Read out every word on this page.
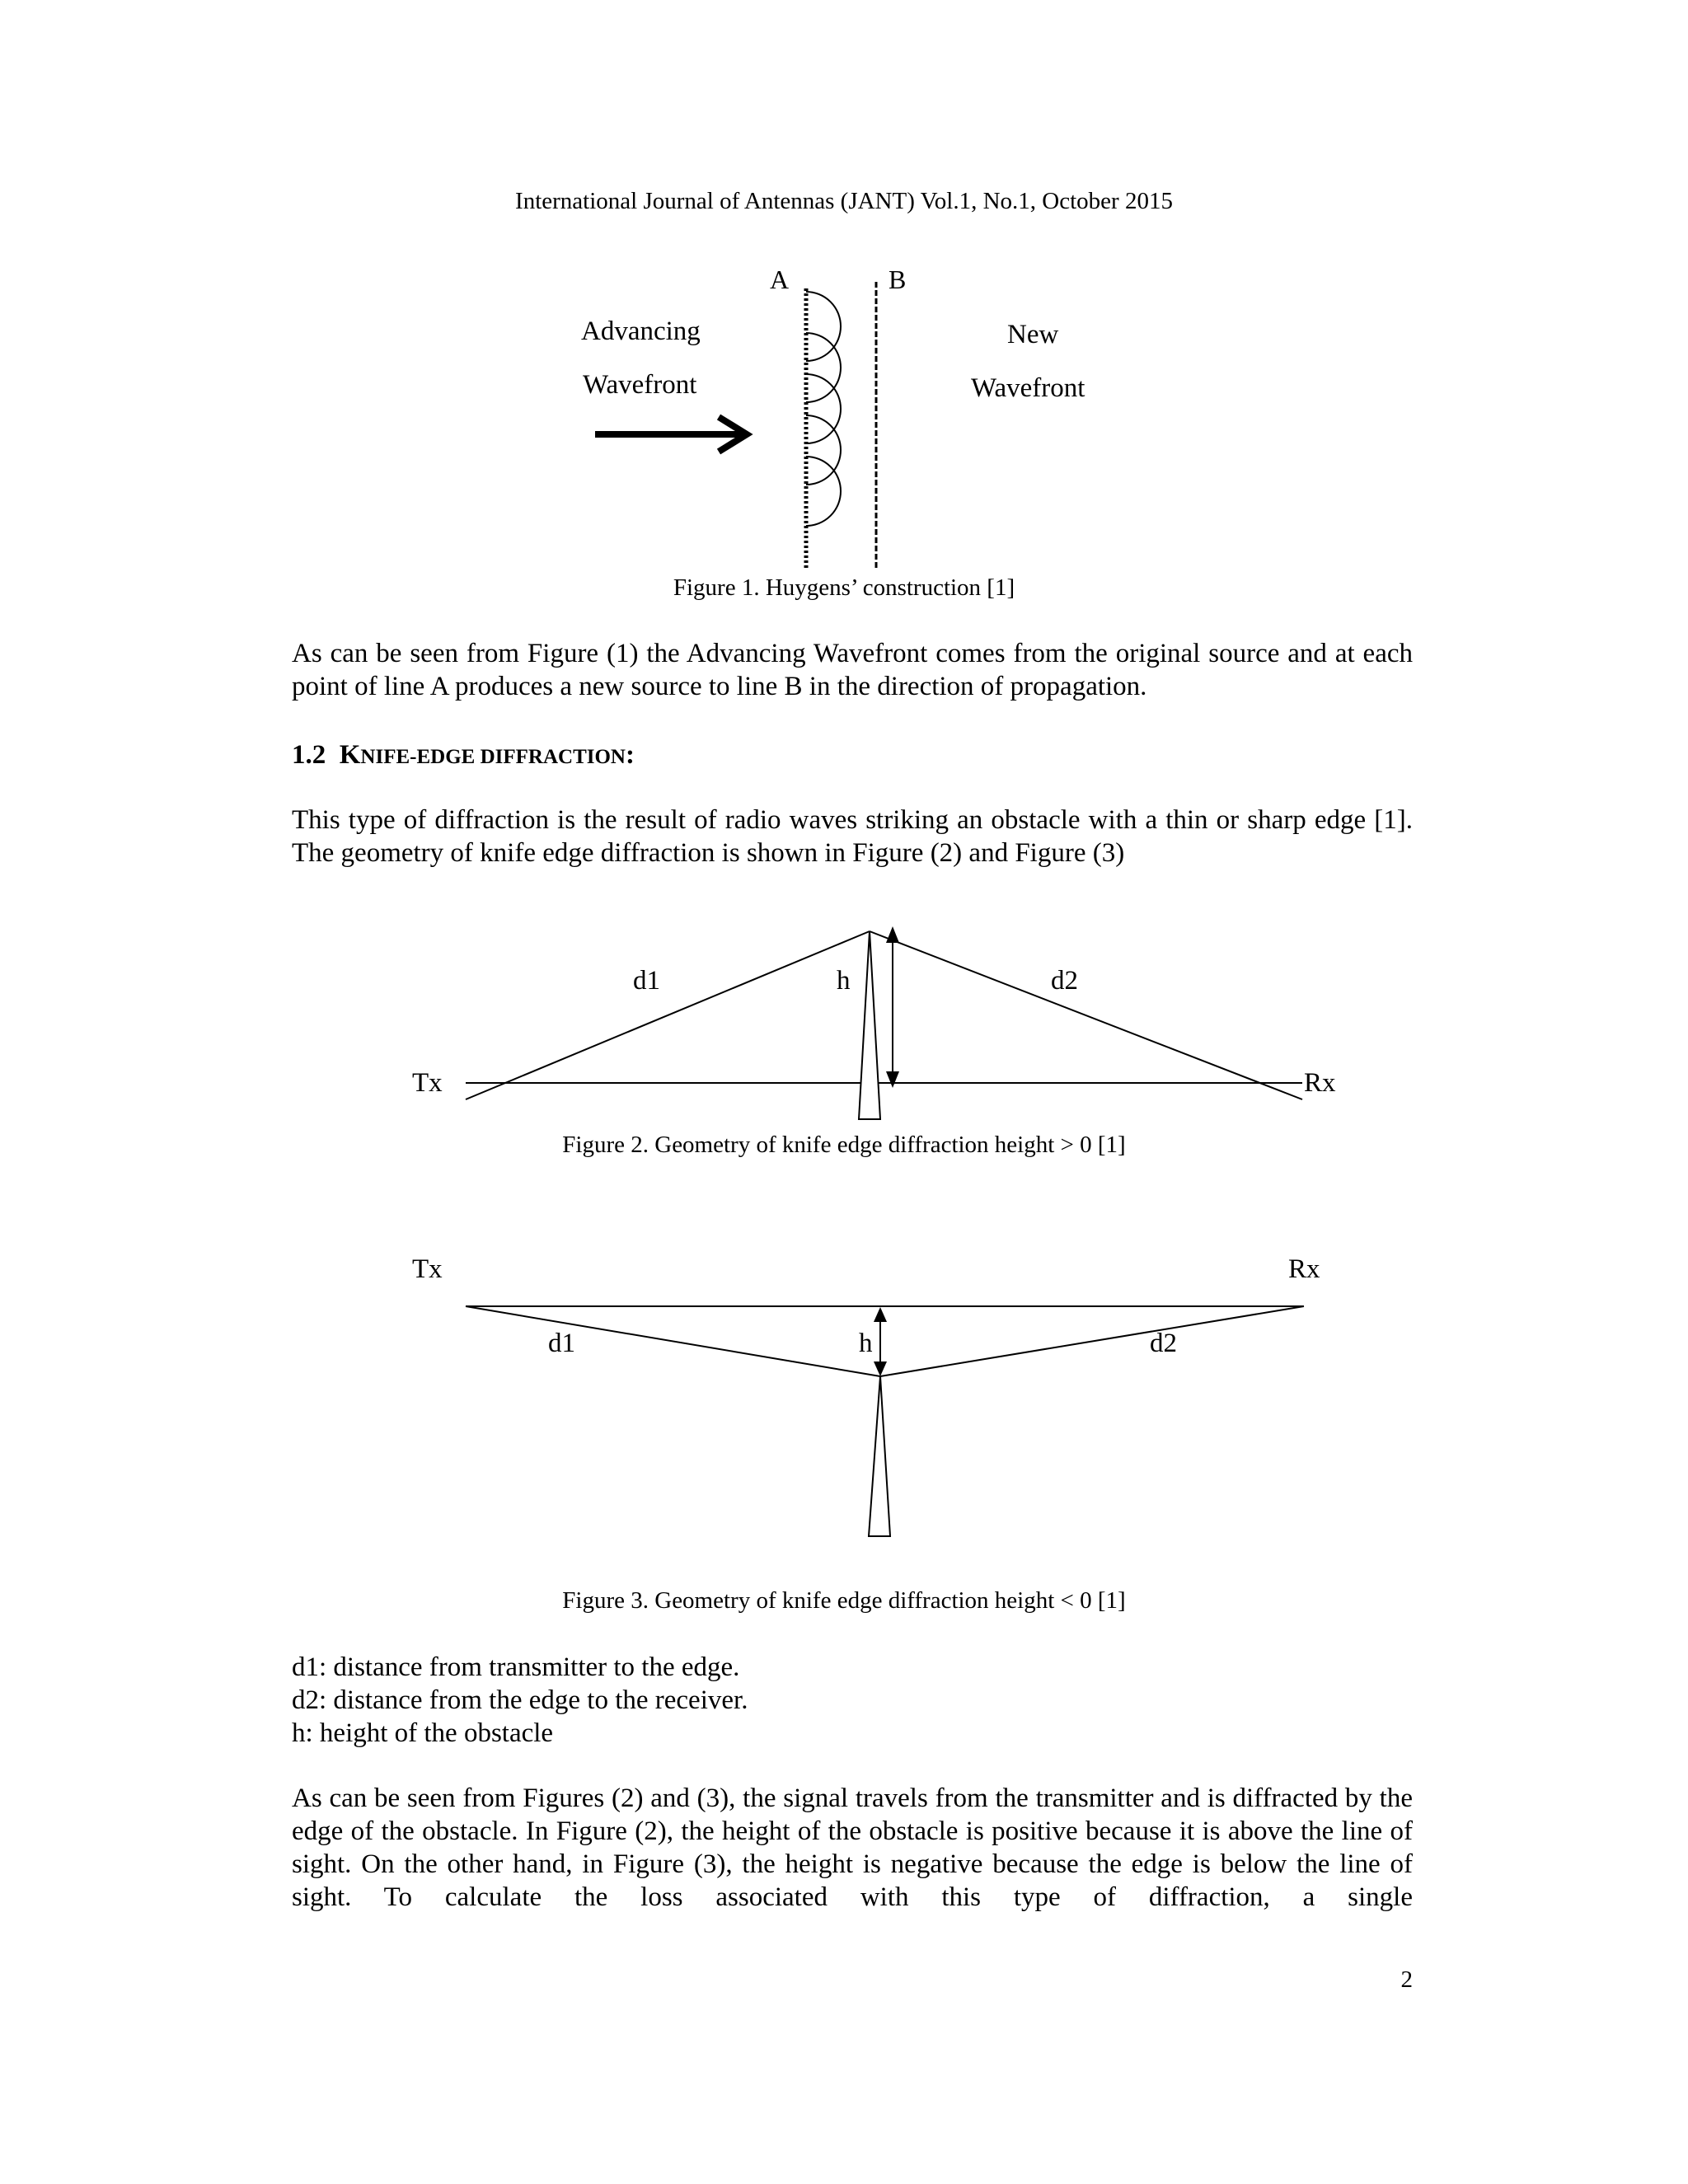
International Journal of Antennas (JANT) Vol.1, No.1, October 2015
A	B
Advancing
Wavefront
New
Wavefront
Figure 1. Huygens’ construction [1]
As can be seen from Figure (1) the Advancing Wavefront comes from the original source and at each point of line A produces a new source to line B in the direction of propagation.
1.2 KNIFE-EDGE DIFFRACTION:
This type of diffraction is the result of radio waves striking an obstacle with a thin or sharp edge [1]. The geometry of knife edge diffraction is shown in Figure (2) and Figure (3)
Tx	Rx
d1	h	d2
Figure 2. Geometry of knife edge diffraction height > 0 [1]
Tx	Rx
d1	h	d2
Figure 3. Geometry of knife edge diffraction height < 0 [1]
d1: distance from transmitter to the edge.
d2: distance from the edge to the receiver.
h: height of the obstacle
As can be seen from Figures (2) and (3), the signal travels from the transmitter and is diffracted by the edge of the obstacle. In Figure (2), the height of the obstacle is positive because it is above the line of sight. On the other hand, in Figure (3), the height is negative because the edge is below the line of sight. To calculate the loss associated with this type of diffraction, a single
2
